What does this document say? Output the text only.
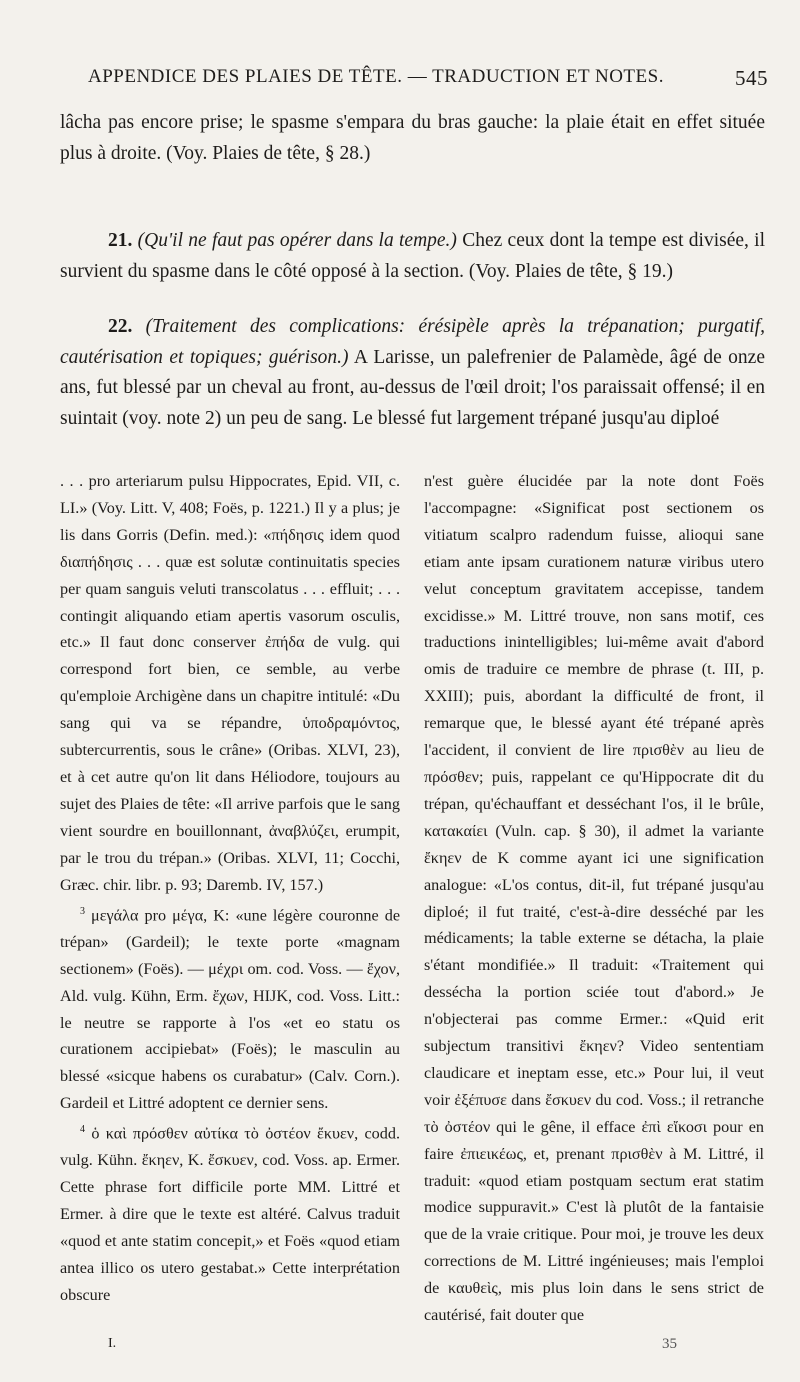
APPENDICE DES PLAIES DE TÊTE. — TRADUCTION ET NOTES.	545

lâcha pas encore prise; le spasme s'empara du bras gauche: la plaie était en effet située plus à droite. (Voy. Plaies de tête, § 28.)

21. (Qu'il ne faut pas opérer dans la tempe.) Chez ceux dont la tempe est divisée, il survient du spasme dans le côté opposé à la section. (Voy. Plaies de tête, § 19.)

22. (Traitement des complications: érésipèle après la trépanation; purgatif, cautérisation et topiques; guérison.) A Larisse, un palefrenier de Palamède, âgé de onze ans, fut blessé par un cheval au front, au-dessus de l'œil droit; l'os paraissait offensé; il en suintait (voy. note 2) un peu de sang. Le blessé fut largement trépané jusqu'au diploé

. . . pro arteriarum pulsu Hippocrates, Epid. VII, c. LI.» (Voy. Litt. V, 408; Foës, p. 1221.) Il y a plus; je lis dans Gorris (Defin. med.): «πήδησις idem quod διαπήδησις . . . quæ est solutæ continuitatis species per quam sanguis veluti transcolatus . . . effluit; . . . contingit aliquando etiam apertis vasorum osculis, etc.» Il faut donc conserver ἐπήδα de vulg. qui correspond fort bien, ce semble, au verbe qu'emploie Archigène dans un chapitre intitulé: «Du sang qui va se répandre, ὑποδραμόντος, subtercurrentis, sous le crâne» (Oribas. XLVI, 23), et à cet autre qu'on lit dans Héliodore, toujours au sujet des Plaies de tête: «Il arrive parfois que le sang vient sourdre en bouillonnant, ἀναβλύζει, erumpit, par le trou du trépan.» (Oribas. XLVI, 11; Cocchi, Græc. chir. libr. p. 93; Daremb. IV, 157.)

$^3$ μεγάλα pro μέγα, K: «une légère couronne de trépan» (Gardeil); le texte porte «magnam sectionem» (Foës). — μέχρι om. cod. Voss. — ἔχον, Ald. vulg. Kühn, Erm. ἔχων, HIJK, cod. Voss. Litt.: le neutre se rapporte à l'os «et eo statu os curationem accipiebat» (Foës); le masculin au blessé «sicque habens os curabatur» (Calv. Corn.). Gardeil et Littré adoptent ce dernier sens.

$^4$ ὁ καὶ πρόσθεν αὐτίκα τὸ ὀστέον ἔκυεν, codd. vulg. Kühn. ἔκηεν, K. ἔσκυεν, cod. Voss. ap. Ermer. Cette phrase fort difficile porte MM. Littré et Ermer. à dire que le texte est altéré. Calvus traduit «quod et ante statim concepit,» et Foës «quod etiam antea illico os utero gestabat.» Cette interprétation obscure

n'est guère élucidée par la note dont Foës l'accompagne: «Significat post sectionem os vitiatum scalpro radendum fuisse, alioqui sane etiam ante ipsam curationem naturæ viribus utero velut conceptum gravitatem accepisse, tandem excidisse.» M. Littré trouve, non sans motif, ces traductions inintelligibles; lui-même avait d'abord omis de traduire ce membre de phrase (t. III, p. XXIII); puis, abordant la difficulté de front, il remarque que, le blessé ayant été trépané après l'accident, il convient de lire πρισθὲν au lieu de πρόσθεν; puis, rappelant ce qu'Hippocrate dit du trépan, qu'échauffant et desséchant l'os, il le brûle, κατακαίει (Vuln. cap. § 30), il admet la variante ἔκηεν de K comme ayant ici une signification analogue: «L'os contus, dit-il, fut trépané jusqu'au diploé; il fut traité, c'est-à-dire desséché par les médicaments; la table externe se détacha, la plaie s'étant mondifiée.» Il traduit: «Traitement qui dessécha la portion sciée tout d'abord.» Je n'objecterai pas comme Ermer.: «Quid erit subjectum transitivi ἔκηεν? Video sententiam claudicare et ineptam esse, etc.» Pour lui, il veut voir ἐξέπυσε dans ἔσκυεν du cod. Voss.; il retranche τὸ ὀστέον qui le gêne, il efface ἐπὶ εἴκοσι pour en faire ἐπιεικέως, et, prenant πρισθὲν à M. Littré, il traduit: «quod etiam postquam sectum erat statim modice suppuravit.» C'est là plutôt de la fantaisie que de la vraie critique. Pour moi, je trouve les deux corrections de M. Littré ingénieuses; mais l'emploi de καυθεὶς, mis plus loin dans le sens strict de cautérisé, fait douter que

I.	35
